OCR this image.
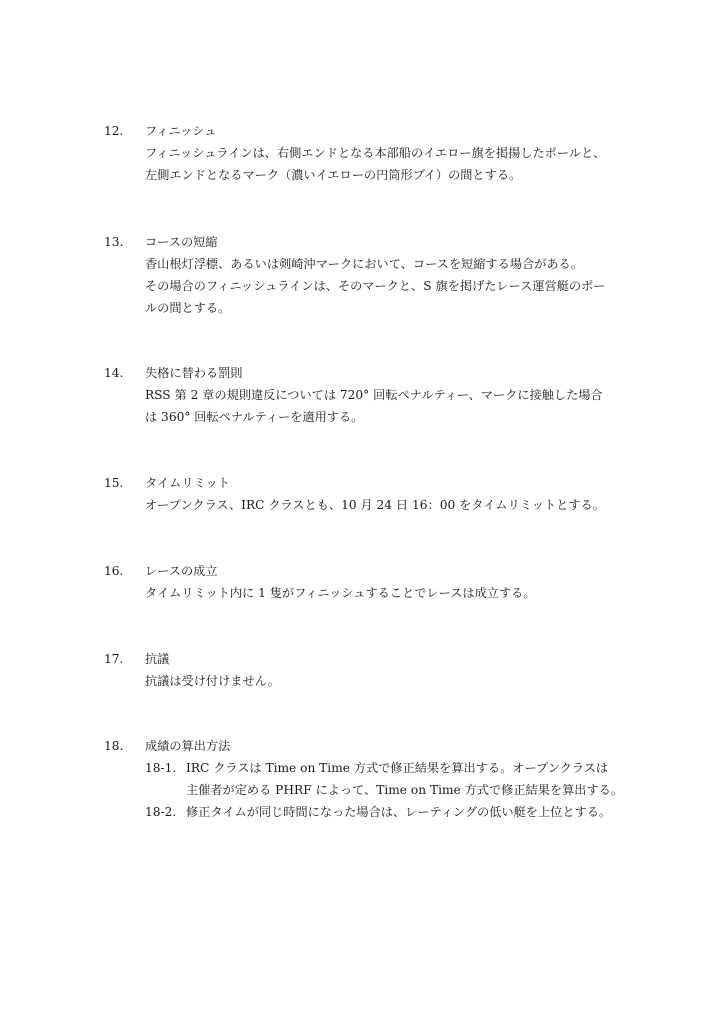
12.	フィニッシュ
フィニッシュラインは、右側エンドとなる本部船のイエロー旗を掲揚したポールと、
左側エンドとなるマーク（濃いイエローの円筒形ブイ）の間とする。
13.	コースの短縮
香山根灯浮標、あるいは剣崎沖マークにおいて、コースを短縮する場合がある。
その場合のフィニッシュラインは、そのマークと、S 旗を掲げたレース運営艇のポー
ルの間とする。
14.	失格に替わる罰則
RSS 第 2 章の規則違反については 720° 回転ペナルティー、マークに接触した場合
は 360° 回転ペナルティーを適用する。
15.	タイムリミット
オープンクラス、IRC クラスとも、10 月 24 日 16：00 をタイムリミットとする。
16.	レースの成立
タイムリミット内に 1 隻がフィニッシュすることでレースは成立する。
17.	抗議
抗議は受け付けません。
18.	成績の算出方法
18-1. IRC クラスは Time on Time 方式で修正結果を算出する。オープンクラスは
主催者が定める PHRF によって、Time on Time 方式で修正結果を算出する。
18-2. 修正タイムが同じ時間になった場合は、レーティングの低い艇を上位とする。
